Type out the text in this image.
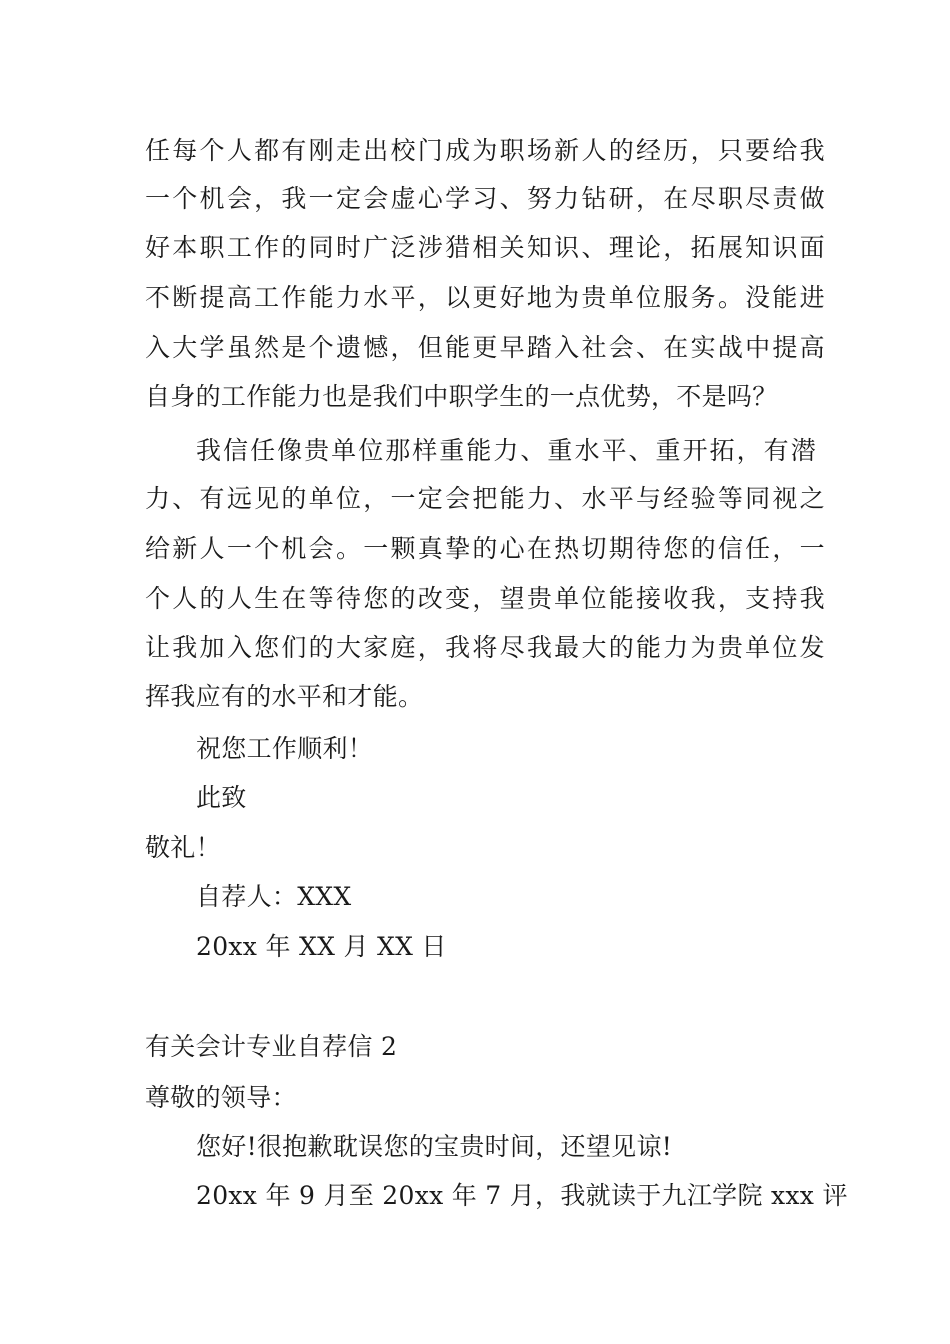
任每个人都有刚走出校门成为职场新人的经历，只要给我
一个机会，我一定会虚心学习、努力钻研，在尽职尽责做
好本职工作的同时广泛涉猎相关知识、理论，拓展知识面
不断提高工作能力水平，以更好地为贵单位服务。没能进
入大学虽然是个遗憾，但能更早踏入社会、在实战中提高
自身的工作能力也是我们中职学生的一点优势，不是吗？
我信任像贵单位那样重能力、重水平、重开拓，有潜
力、有远见的单位，一定会把能力、水平与经验等同视之
给新人一个机会。一颗真挚的心在热切期待您的信任，一
个人的人生在等待您的改变，望贵单位能接收我，支持我
让我加入您们的大家庭，我将尽我最大的能力为贵单位发
挥我应有的水平和才能。
祝您工作顺利！
此致
敬礼！
自荐人：XXX
20xx 年 XX 月 XX 日
有关会计专业自荐信 2
尊敬的领导：
您好!很抱歉耽误您的宝贵时间，还望见谅!
20xx 年 9 月至 20xx 年 7 月，我就读于九江学院 xxx 评
